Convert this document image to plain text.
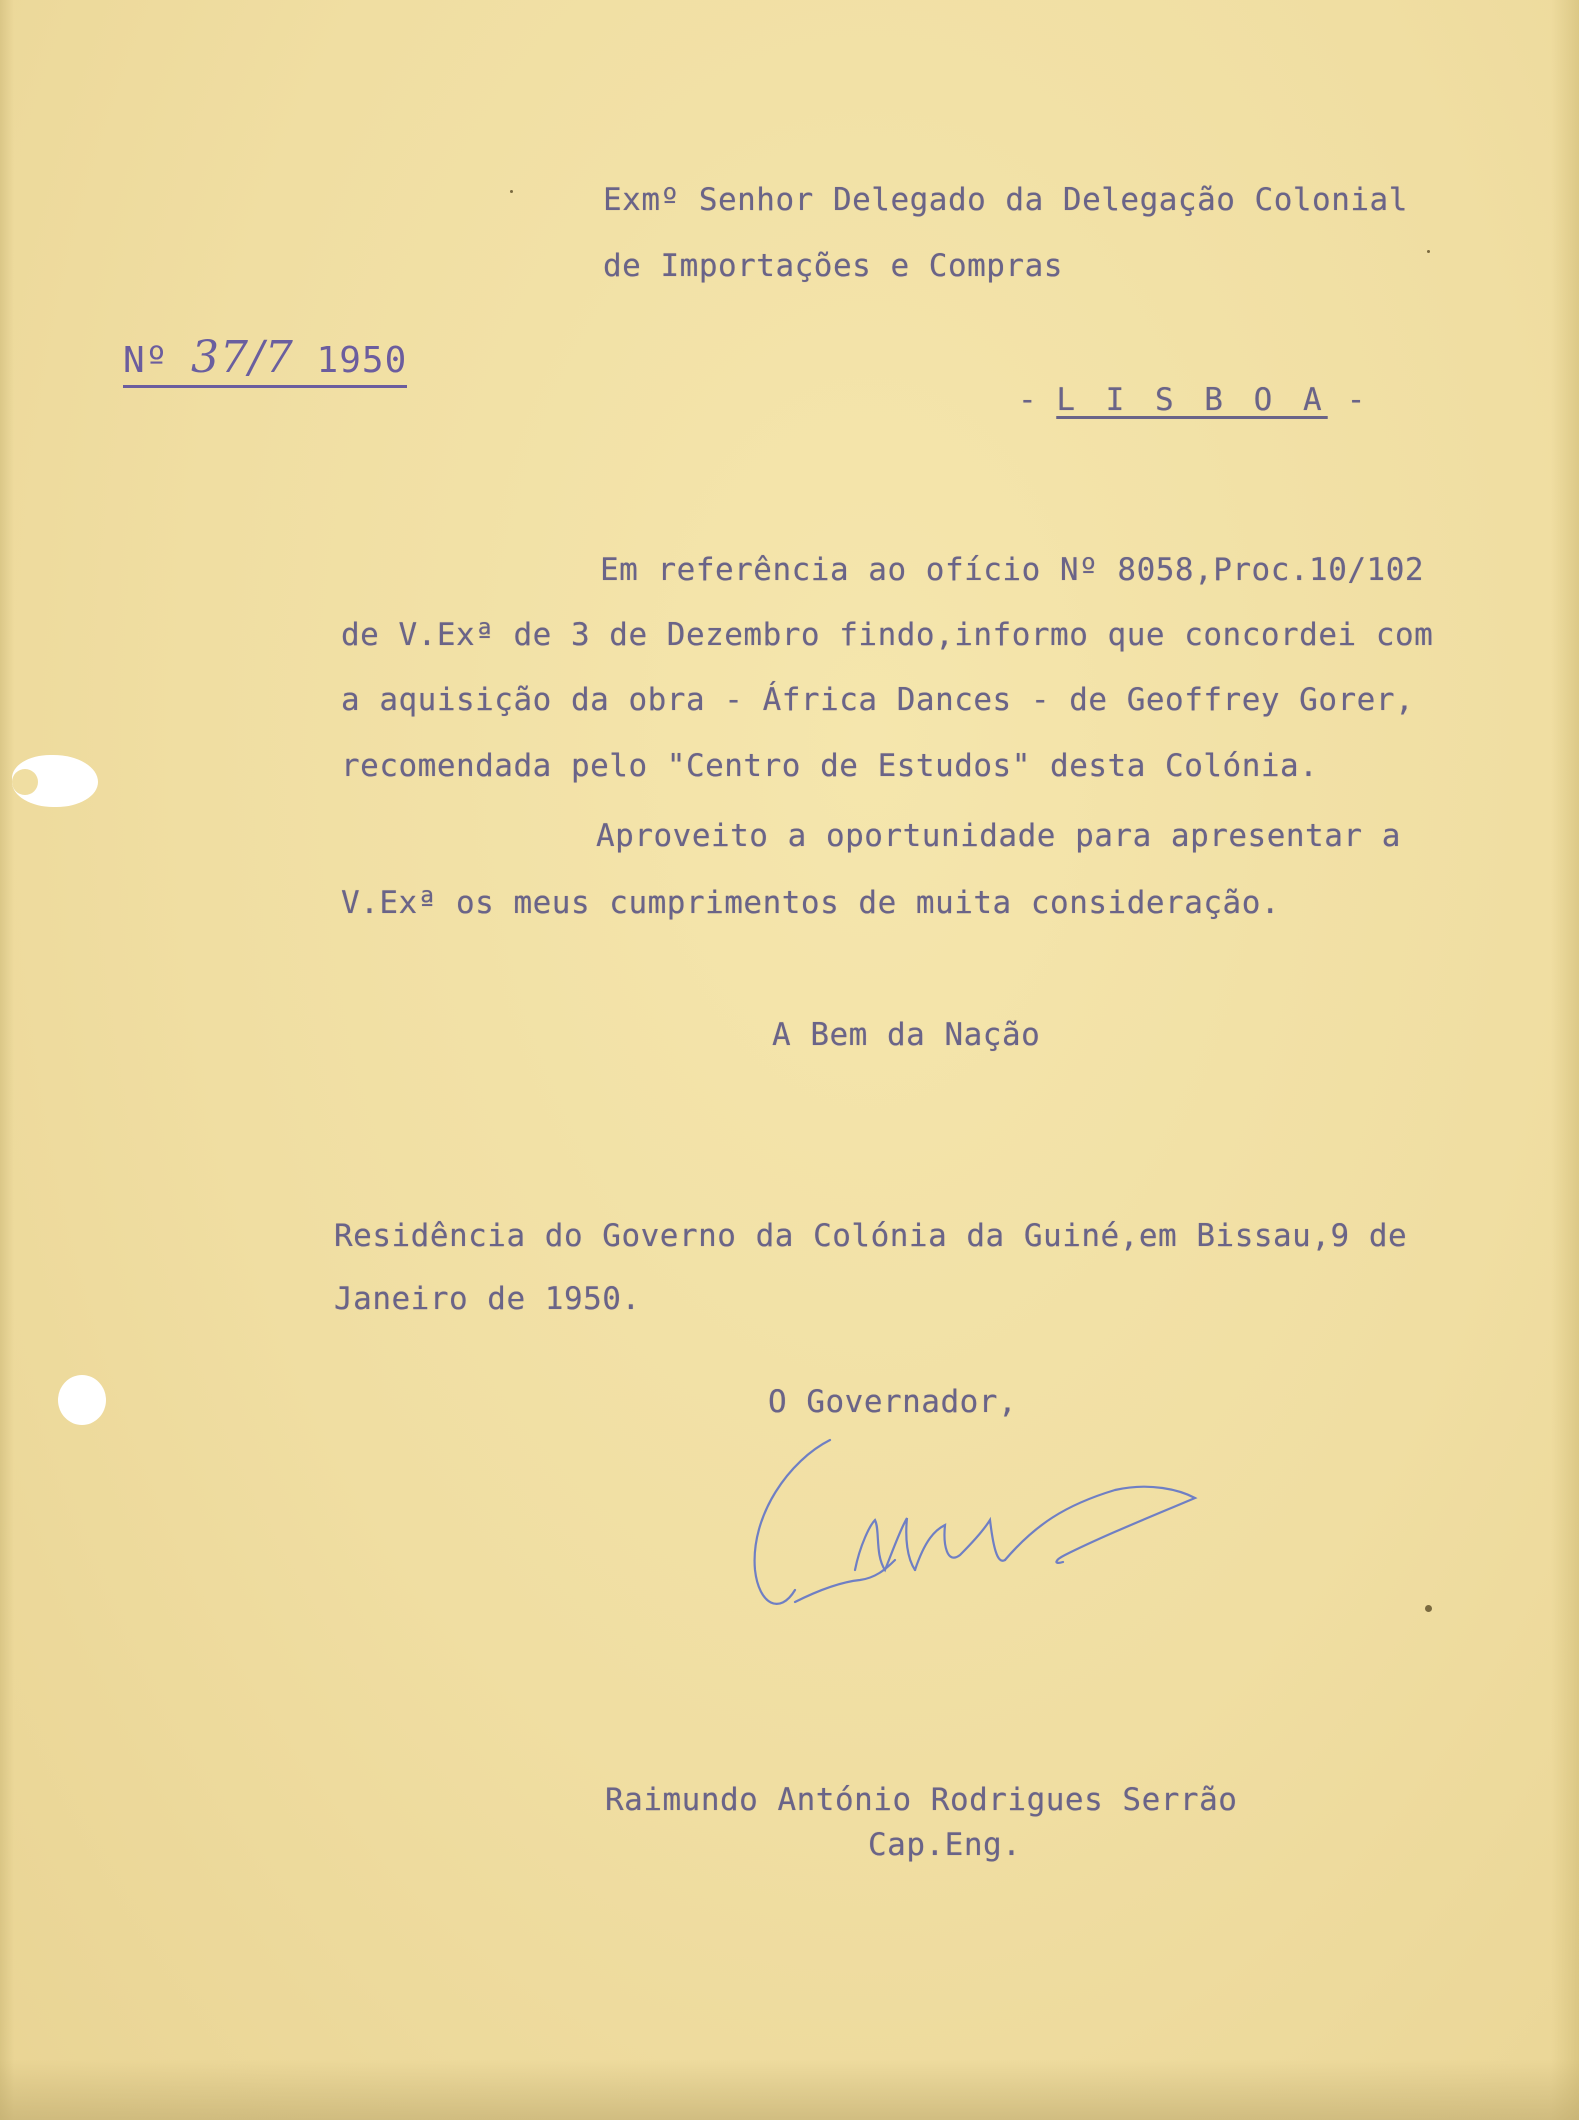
Exmº Senhor Delegado da Delegação Colonial
de Importações e Compras
Nº 37/7 1950
- L I S B O A -
Em referência ao ofício Nº 8058,Proc.10/102
de V.Exª de 3 de Dezembro findo,informo que concordei com
a aquisição da obra - África Dances - de Geoffrey Gorer,
recomendada pelo "Centro de Estudos" desta Colónia.
Aproveito a oportunidade para apresentar a
V.Exª os meus cumprimentos de muita consideração.
A Bem da Nação
Residência do Governo da Colónia da Guiné,em Bissau,9 de
Janeiro de 1950.
O Governador,
Raimundo António Rodrigues Serrão
Cap.Eng.
